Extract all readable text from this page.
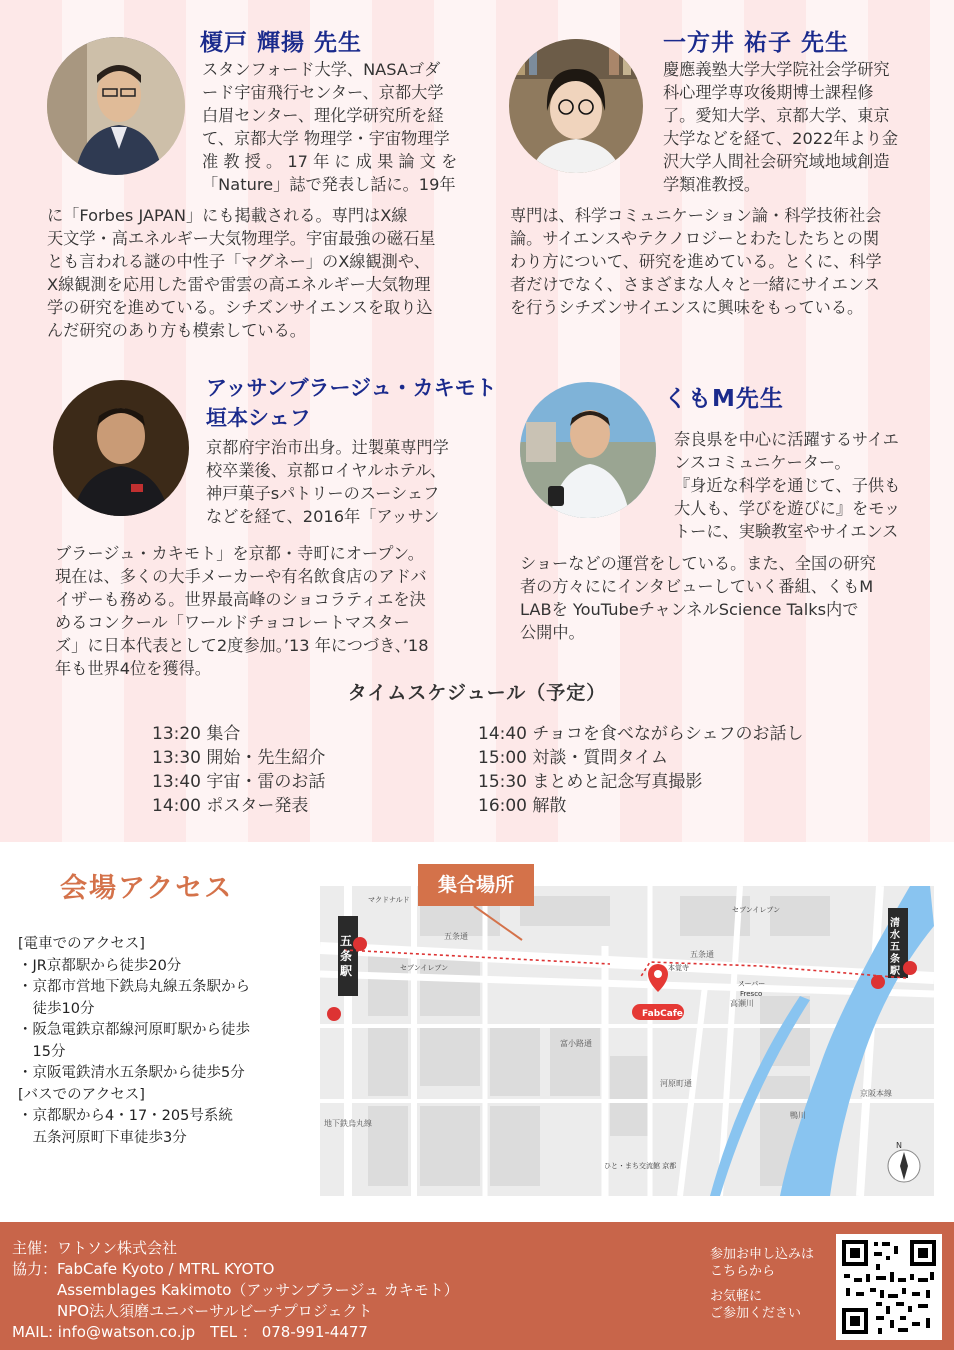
榎戸 輝揚 先生
スタンフォード大学、NASAゴダ
ード宇宙飛行センター、京都大学
白眉センター、理化学研究所を経
て、京都大学 物理学・宇宙物理学
准 教 授 。 17 年 に 成 果 論 文 を
「Nature」誌で発表し話に。19年
に「Forbes JAPAN」にも掲載される。専門はX線
天文学・高エネルギー大気物理学。宇宙最強の磁石星
とも言われる謎の中性子「マグネー」のX線観測や、
X線観測を応用した雷や雷雲の高エネルギー大気物理
学の研究を進めている。シチズンサイエンスを取り込
んだ研究のあり方も模索している。
一方井 祐子 先生
慶應義塾大学大学院社会学研究
科心理学専攻後期博士課程修
了。愛知大学、京都大学、東京
大学などを経て、2022年より金
沢大学人間社会研究域地域創造
学類准教授。
専門は、科学コミュニケーション論・科学技術社会
論。サイエンスやテクノロジーとわたしたちとの関
わり方について、研究を進めている。とくに、科学
者だけでなく、さまざまな人々と一緒にサイエンス
を行うシチズンサイエンスに興味をもっている。
アッサンブラージュ・カキモト
垣本シェフ
京都府宇治市出身。辻製菓専門学
校卒業後、京都ロイヤルホテル、
神戸菓子sパトリーのスーシェフ
などを経て、2016年「アッサン
ブラージュ・カキモト」を京都・寺町にオープン。
現在は、多くの大手メーカーや有名飲食店のアドバ
イザーも務める。世界最高峰のショコラティエを決
めるコンクール「ワールドチョコレートマスター
ズ」に日本代表として2度参加。’13 年につづき、’18
年も世界4位を獲得。
くもM先生
奈良県を中心に活躍するサイエ
ンスコミュニケーター。
『身近な科学を通じて、子供も
大人も、学びを遊びに』をモッ
トーに、実験教室やサイエンス
ショーなどの運営をしている。また、全国の研究
者の方々ににインタビューしていく番組、くもM
LABを YouTubeチャンネルScience Talks内で
公開中。
タイムスケジュール（予定）
13:20 集合
13:30 開始・先生紹介
13:40 宇宙・雷のお話
14:00 ポスター発表
14:40 チョコを食べながらシェフのお話し
15:00 対談・質問タイム
15:30 まとめと記念写真撮影
16:00 解散
会場アクセス
[電車でのアクセス]
・JR京都駅から徒歩20分
・京都市営地下鉄烏丸線五条駅から
　徒歩10分
・阪急電鉄京都線河原町駅から徒歩
　15分
・京阪電鉄清水五条駅から徒歩5分
[バスでのアクセス]
・京都駅から4・17・205号系統
　五条河原町下車徒歩3分
五条通
五条通
マクドナルド
セブンイレブン
セブンイレブン
本覚寺
スーパー
Fresco
ひと・まち交流館 京都
N
鴨川
京阪本線
富小路通
河原町通
高瀬川
地下鉄烏丸線
FabCafe
五
条
駅
清
水
五
条
駅
集合場所
主催：ワトソン株式会社
協力：FabCafe Kyoto / MTRL KYOTO
　　　Assemblages Kakimoto（アッサンブラージュ カキモト）
　　　NPO法人須磨ユニバーサルビーチプロジェクト
MAIL: info@watson.co.jp　TEL ： 078-991-4477
参加お申し込みは
こちらから
お気軽に
ご参加ください
